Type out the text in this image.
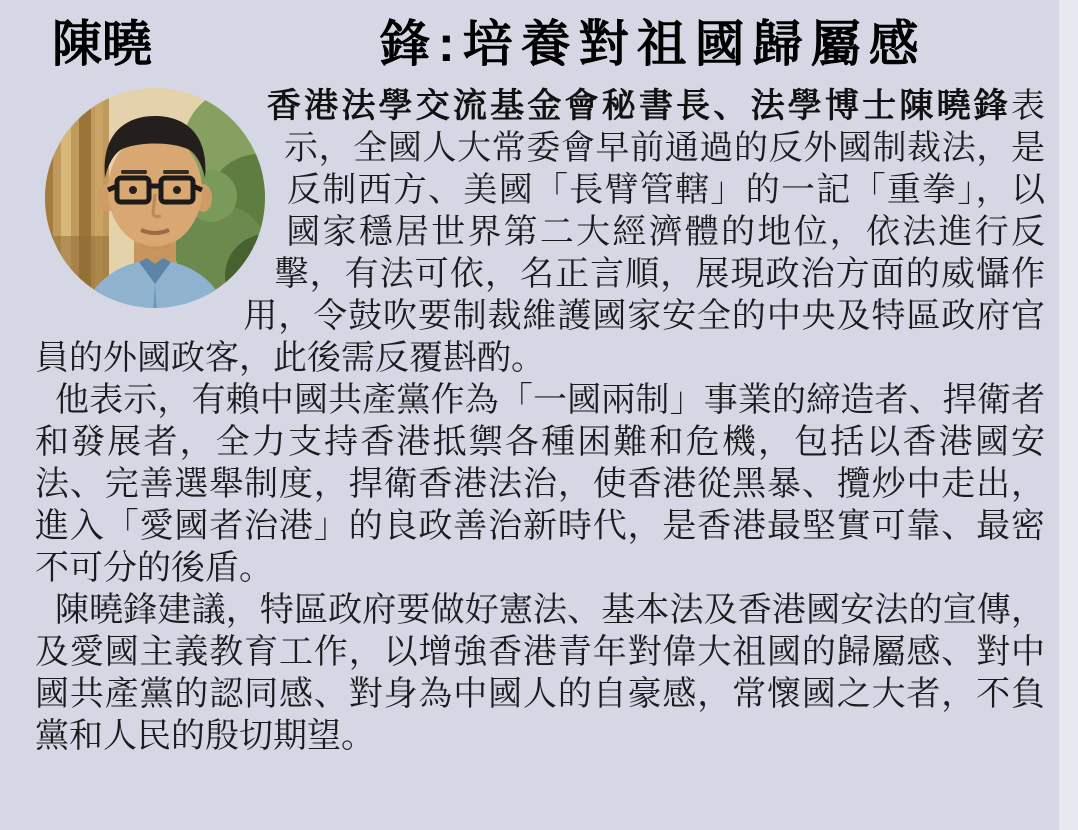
陳曉	鋒:培養對祖國歸屬感

香港法學交流基金會秘書長、法學博士陳曉鋒表示，全國人大常委會早前通過的反外國制裁法，是反制西方、美國「長臂管轄」的一記「重拳」，以國家穩居世界第二大經濟體的地位，依法進行反擊，有法可依，名正言順，展現政治方面的威懾作用，令鼓吹要制裁維護國家安全的中央及特區政府官員的外國政客，此後需反覆斟酌。

他表示，有賴中國共產黨作為「一國兩制」事業的締造者、捍衛者和發展者，全力支持香港抵禦各種困難和危機，包括以香港國安法、完善選舉制度，捍衛香港法治，使香港從黑暴、攬炒中走出，進入「愛國者治港」的良政善治新時代，是香港最堅實可靠、最密不可分的後盾。

陳曉鋒建議，特區政府要做好憲法、基本法及香港國安法的宣傳，及愛國主義教育工作，以增強香港青年對偉大祖國的歸屬感、對中國共產黨的認同感、對身為中國人的自豪感，常懷國之大者，不負黨和人民的殷切期望。
